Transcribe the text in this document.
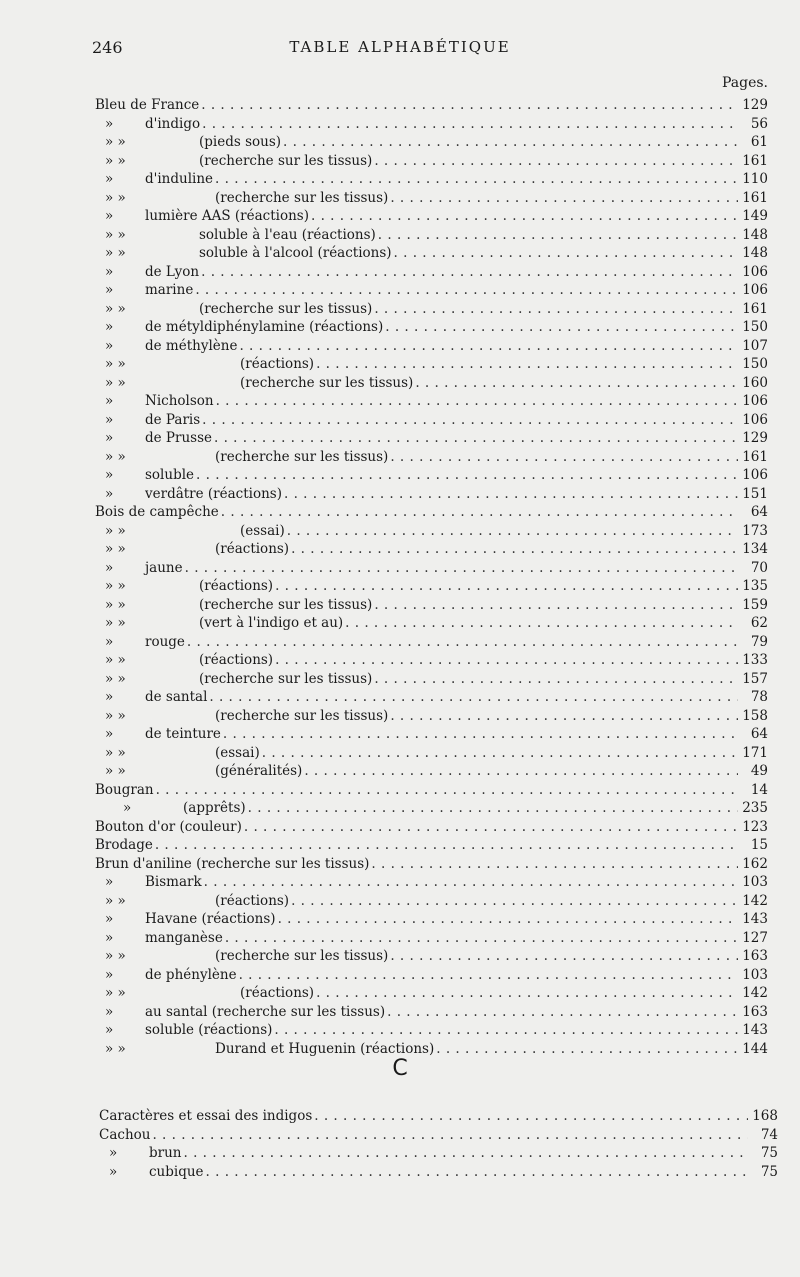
246	TABLE ALPHABÉTIQUE
Pages.
Bleu de France . . .	129
»	d'indigo . . .	56
» »	(pieds sous) . . .	61
» »	(recherche sur les tissus) . . .	161
»	d'induline . . .	110
» »	(recherche sur les tissus) . . .	161
»	lumière AAS (réactions) . . .	149
» »	soluble à l'eau (réactions) . . .	148
» »	soluble à l'alcool (réactions) . . .	148
»	de Lyon . . .	106
»	marine . . .	106
» »	(recherche sur les tissus) . . .	161
»	de métyldiphénylamine (réactions) . . .	150
»	de méthylène . . .	107
» »	(réactions) . . .	150
» »	(recherche sur les tissus) . . .	160
»	Nicholson . . .	106
»	de Paris . . .	106
»	de Prusse . . .	129
» »	(recherche sur les tissus) . . .	161
»	soluble . . .	106
»	verdâtre (réactions) . . .	151
Bois de campêche . . .	64
» »	(essai) . . .	173
» »	(réactions) . . .	134
»	jaune . . .	70
» »	(réactions) . . .	135
» »	(recherche sur les tissus) . . .	159
» »	(vert à l'indigo et au) . . .	62
»	rouge . . .	79
» »	(réactions) . . .	133
» »	(recherche sur les tissus) . . .	157
»	de santal . . .	78
» »	(recherche sur les tissus) . . .	158
»	de teinture . . .	64
» »	(essai) . . .	171
» »	(généralités) . . .	49
Bougran . . .	14
»	(apprêts) . . .	235
Bouton d'or (couleur) . . .	123
Brodage . . .	15
Brun d'aniline (recherche sur les tissus) . . .	162
»	Bismark . . .	103
» »	(réactions) . . .	142
»	Havane (réactions) . . .	143
»	manganèse . . .	127
» »	(recherche sur les tissus) . . .	163
»	de phénylène . . .	103
» »	(réactions) . . .	142
»	au santal (recherche sur les tissus) . . .	163
»	soluble (réactions) . . .	143
» »	Durand et Huguenin (réactions) . . .	144
C
Caractères et essai des indigos . . .	168
Cachou . . .	74
»	brun . . .	75
»	cubique . . .	75
